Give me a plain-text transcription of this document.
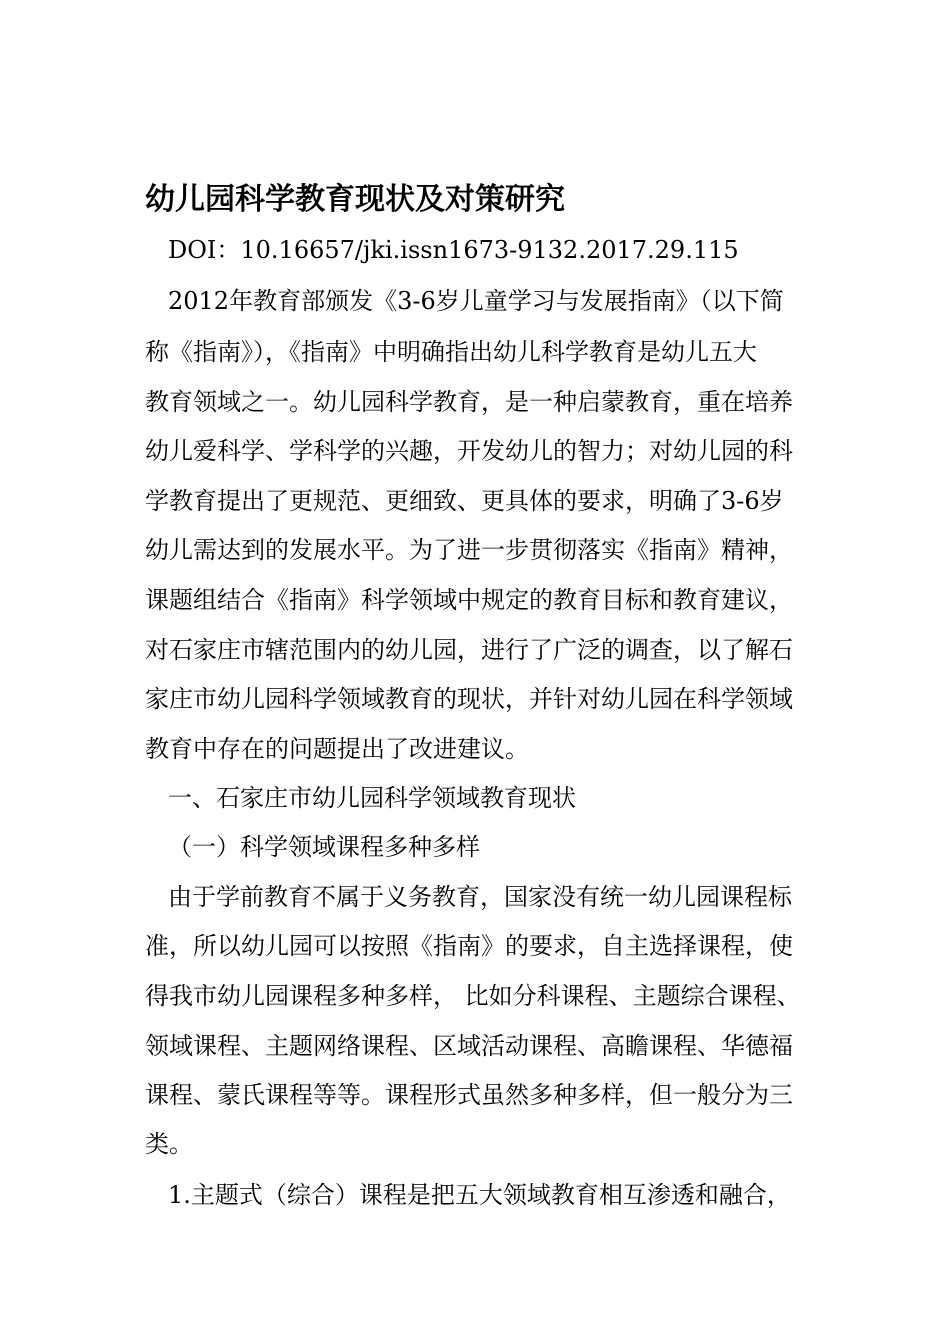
幼儿园科学教育现状及对策研究

DOI：10.16657/jki.issn1673-9132.2017.29.115

2012年教育部颁发《3-6岁儿童学习与发展指南》（以下简

称《指南》），《指南》中明确指出幼儿科学教育是幼儿五大

教育领域之一。幼儿园科学教育，是一种启蒙教育，重在培养

幼儿爱科学、学科学的兴趣，开发幼儿的智力；对幼儿园的科

学教育提出了更规范、更细致、更具体的要求，明确了3-6岁

幼儿需达到的发展水平。为了进一步贯彻落实《指南》精神，

课题组结合《指南》科学领域中规定的教育目标和教育建议，

对石家庄市辖范围内的幼儿园，进行了广泛的调查，以了解石

家庄市幼儿园科学领域教育的现状，并针对幼儿园在科学领域

教育中存在的问题提出了改进建议。

一、石家庄市幼儿园科学领域教育现状

（一）科学领域课程多种多样

由于学前教育不属于义务教育，国家没有统一幼儿园课程标

准，所以幼儿园可以按照《指南》的要求，自主选择课程，使

得我市幼儿园课程多种多样， 比如分科课程、主题综合课程、

领域课程、主题网络课程、区域活动课程、高瞻课程、华德福

课程、蒙氏课程等等。课程形式虽然多种多样，但一般分为三

类。

1.主题式（综合）课程是把五大领域教育相互渗透和融合，
